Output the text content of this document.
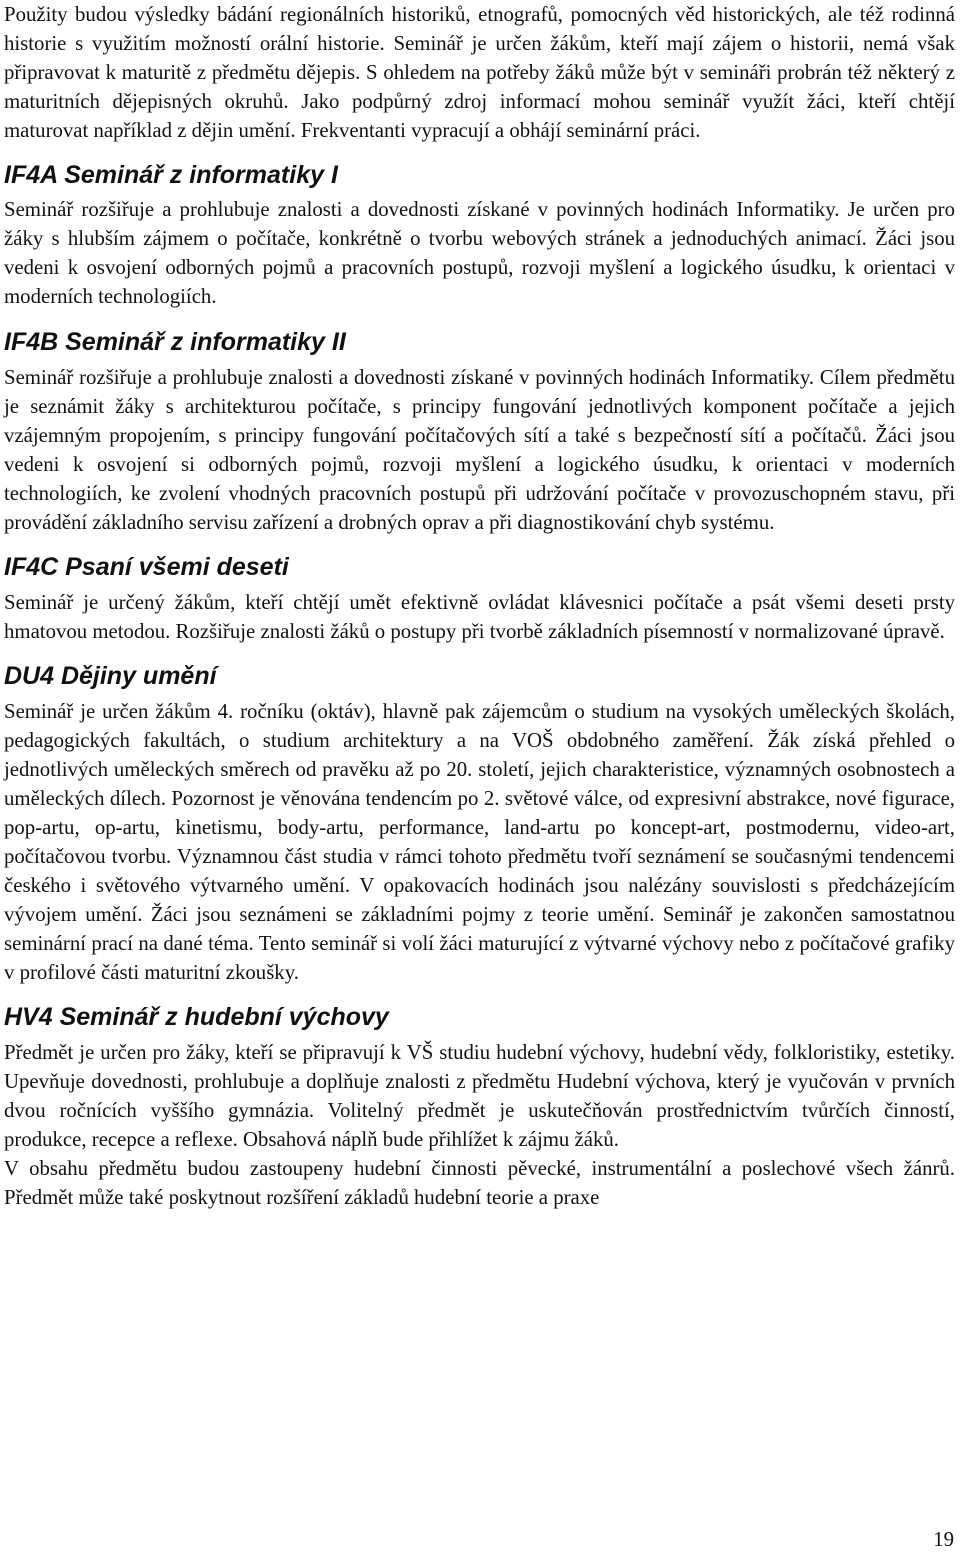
Použity budou výsledky bádání regionálních historiků, etnografů, pomocných věd historických, ale též rodinná historie s využitím možností orální historie. Seminář je určen žákům, kteří mají zájem o historii, nemá však připravovat k maturitě z předmětu dějepis. S ohledem na potřeby žáků může být v semináři probrán též některý z maturitních dějepisných okruhů. Jako podpůrný zdroj informací mohou seminář využít žáci, kteří chtějí maturovat například z dějin umění. Frekventanti vypracují a obhájí seminární práci.

IF4A Seminář z informatiky I

Seminář rozšiřuje a prohlubuje znalosti a dovednosti získané v povinných hodinách Informatiky. Je určen pro žáky s hlubším zájmem o počítače, konkrétně o tvorbu webových stránek a jednoduchých animací. Žáci jsou vedeni k osvojení odborných pojmů a pracovních postupů, rozvoji myšlení a logického úsudku, k orientaci v moderních technologiích.

IF4B Seminář z informatiky II

Seminář rozšiřuje a prohlubuje znalosti a dovednosti získané v povinných hodinách Informatiky. Cílem předmětu je seznámit žáky s architekturou počítače, s principy fungování jednotlivých komponent počítače a jejich vzájemným propojením, s principy fungování počítačových sítí a také s bezpečností sítí a počítačů. Žáci jsou vedeni k osvojení si odborných pojmů, rozvoji myšlení a logického úsudku, k orientaci v moderních technologiích, ke zvolení vhodných pracovních postupů při udržování počítače v provozuschopném stavu, při provádění základního servisu zařízení a drobných oprav a při diagnostikování chyb systému.

IF4C Psaní všemi deseti

Seminář je určený žákům, kteří chtějí umět efektivně ovládat klávesnici počítače a psát všemi deseti prsty hmatovou metodou. Rozšiřuje znalosti žáků o postupy při tvorbě základních písemností v normalizované úpravě.

DU4 Dějiny umění

Seminář je určen žákům 4. ročníku (oktáv), hlavně pak zájemcům o studium na vysokých uměleckých školách, pedagogických fakultách, o studium architektury a na VOŠ obdobného zaměření. Žák získá přehled o jednotlivých uměleckých směrech od pravěku až po 20. století, jejich charakteristice, významných osobnostech a uměleckých dílech. Pozornost je věnována tendencím po 2. světové válce, od expresivní abstrakce, nové figurace, pop-artu, op-artu, kinetismu, body-artu, performance, land-artu po koncept-art, postmodernu, video-art, počítačovou tvorbu. Významnou část studia v rámci tohoto předmětu tvoří seznámení se současnými tendencemi českého i světového výtvarného umění. V opakovacích hodinách jsou nalézány souvislosti s předcházejícím vývojem umění. Žáci jsou seznámeni se základními pojmy z teorie umění. Seminář je zakončen samostatnou seminární prací na dané téma. Tento seminář si volí žáci maturující z výtvarné výchovy nebo z počítačové grafiky v profilové části maturitní zkoušky.

HV4 Seminář z hudební výchovy

Předmět je určen pro žáky, kteří se připravují k VŠ studiu hudební výchovy, hudební vědy, folkloristiky, estetiky. Upevňuje dovednosti, prohlubuje a doplňuje znalosti z předmětu Hudební výchova, který je vyučován v prvních dvou ročnících vyššího gymnázia. Volitelný předmět je uskutečňován prostřednictvím tvůrčích činností, produkce, recepce a reflexe. Obsahová náplň bude přihlížet k zájmu žáků.

V obsahu předmětu budou zastoupeny hudební činnosti pěvecké, instrumentální a poslechové všech žánrů. Předmět může také poskytnout rozšíření základů hudební teorie a praxe

19
